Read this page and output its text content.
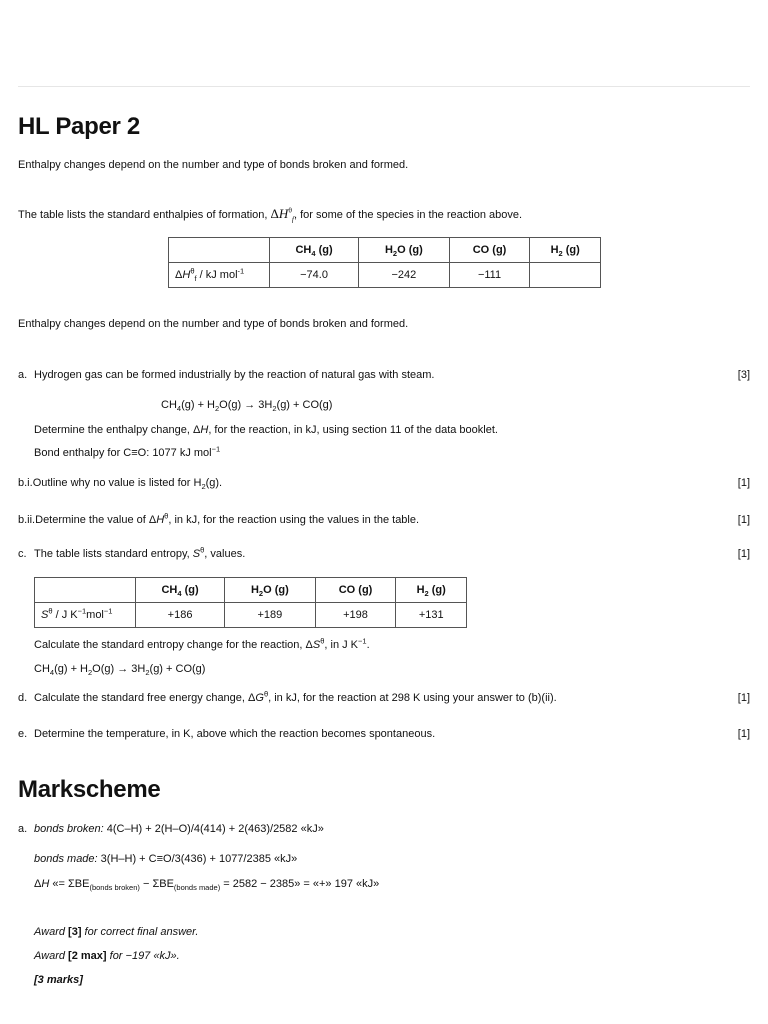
HL Paper 2
Enthalpy changes depend on the number and type of bonds broken and formed.
The table lists the standard enthalpies of formation, $\Delta H^\theta_f$, for some of the species in the reaction above.
	$CH_4$ (g)	$H_2O$ (g)	CO (g)	$H_2$ (g)
$\Delta H^\theta_f$ / kJ mol$^{-1}$	−74.0	−242	−111	
Enthalpy changes depend on the number and type of bonds broken and formed.
a. Hydrogen gas can be formed industrially by the reaction of natural gas with steam.	[3]
$CH_4(g) + H_2O(g) \to 3H_2(g) + CO(g)$
Determine the enthalpy change, ΔH, for the reaction, in kJ, using section 11 of the data booklet.
Bond enthalpy for C≡O: 1077 kJ mol$^{-1}$
b.i.Outline why no value is listed for $H_2(g)$.	[1]
b.ii.Determine the value of $\Delta H^\theta$, in kJ, for the reaction using the values in the table.	[1]
c. The table lists standard entropy, $S^\theta$, values.	[1]
	$CH_4$ (g)	$H_2O$ (g)	CO (g)	$H_2$ (g)
$S^\theta$ / J $K^{-1}mol^{-1}$	+186	+189	+198	+131
Calculate the standard entropy change for the reaction, $\Delta S^\theta$, in J $K^{-1}$.
$CH_4(g) + H_2O(g) \to 3H_2(g) + CO(g)$
d. Calculate the standard free energy change, $\Delta G^\theta$, in kJ, for the reaction at 298 K using your answer to (b)(ii).	[1]
e. Determine the temperature, in K, above which the reaction becomes spontaneous.	[1]
Markscheme
a. bonds broken: 4(C–H) + 2(H–O)/4(414) + 2(463)/2582 «kJ»
bonds made: 3(H–H) + C≡O/3(436) + 1077/2385 «kJ»
ΔH «= $\Sigma BE_{(bonds broken)} - \Sigma BE_{(bonds made)} = 2582 - 2385$» = «+» 197 «kJ»
Award [3] for correct final answer.
Award [2 max] for −197 «kJ».
[3 marks]
